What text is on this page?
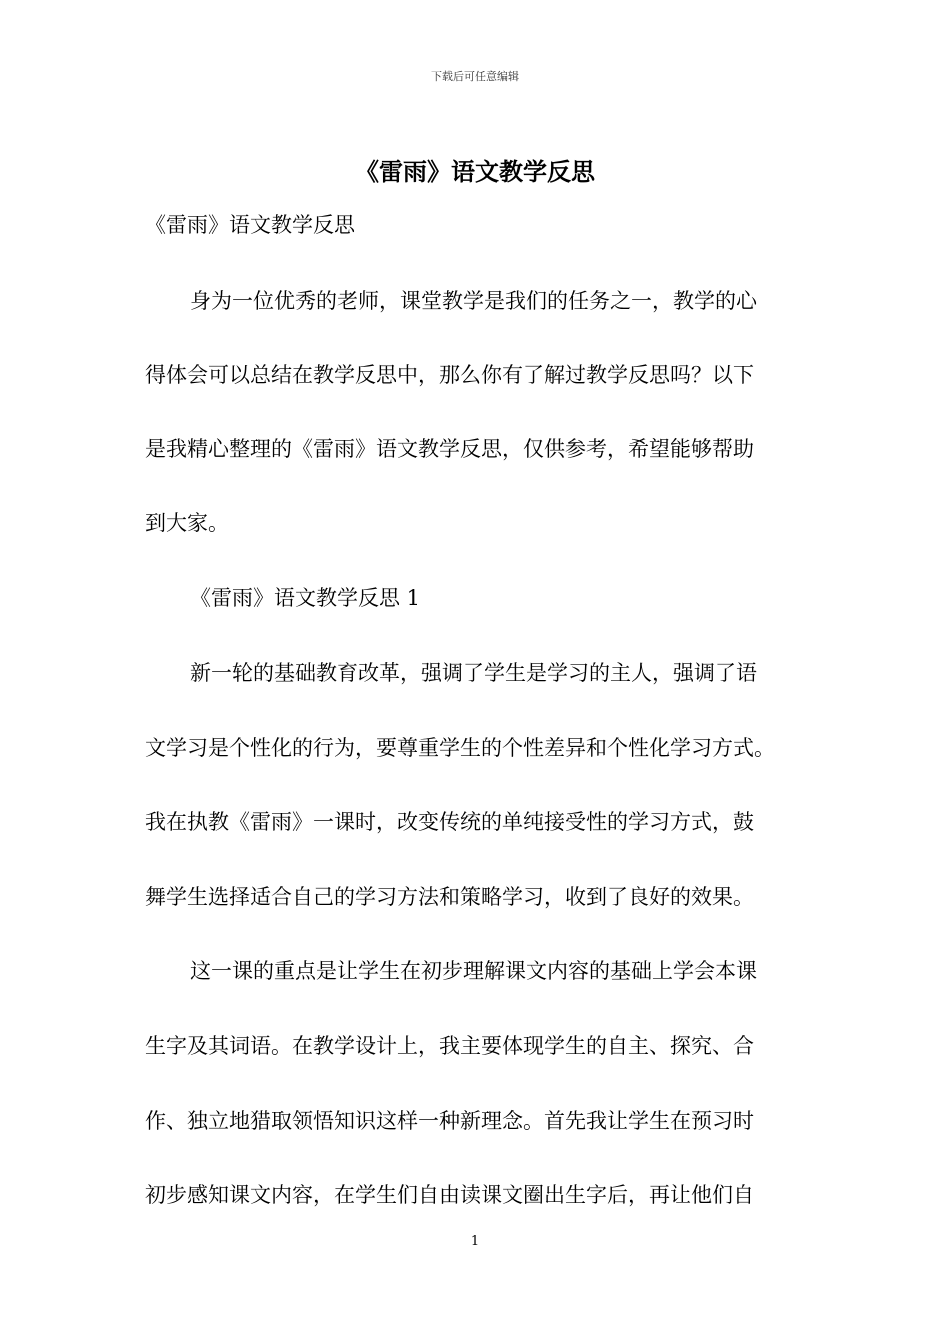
下载后可任意编辑
《雷雨》语文教学反思
《雷雨》语文教学反思
身为一位优秀的老师，课堂教学是我们的任务之一，教学的心
得体会可以总结在教学反思中，那么你有了解过教学反思吗？以下
是我精心整理的《雷雨》语文教学反思，仅供参考，希望能够帮助
到大家。
《雷雨》语文教学反思 1
新一轮的基础教育改革，强调了学生是学习的主人，强调了语
文学习是个性化的行为，要尊重学生的个性差异和个性化学习方式。
我在执教《雷雨》一课时，改变传统的单纯接受性的学习方式，鼓
舞学生选择适合自己的学习方法和策略学习，收到了良好的效果。
这一课的重点是让学生在初步理解课文内容的基础上学会本课
生字及其词语。在教学设计上，我主要体现学生的自主、探究、合
作、独立地猎取领悟知识这样一种新理念。首先我让学生在预习时
初步感知课文内容，在学生们自由读课文圈出生字后，再让他们自
1
